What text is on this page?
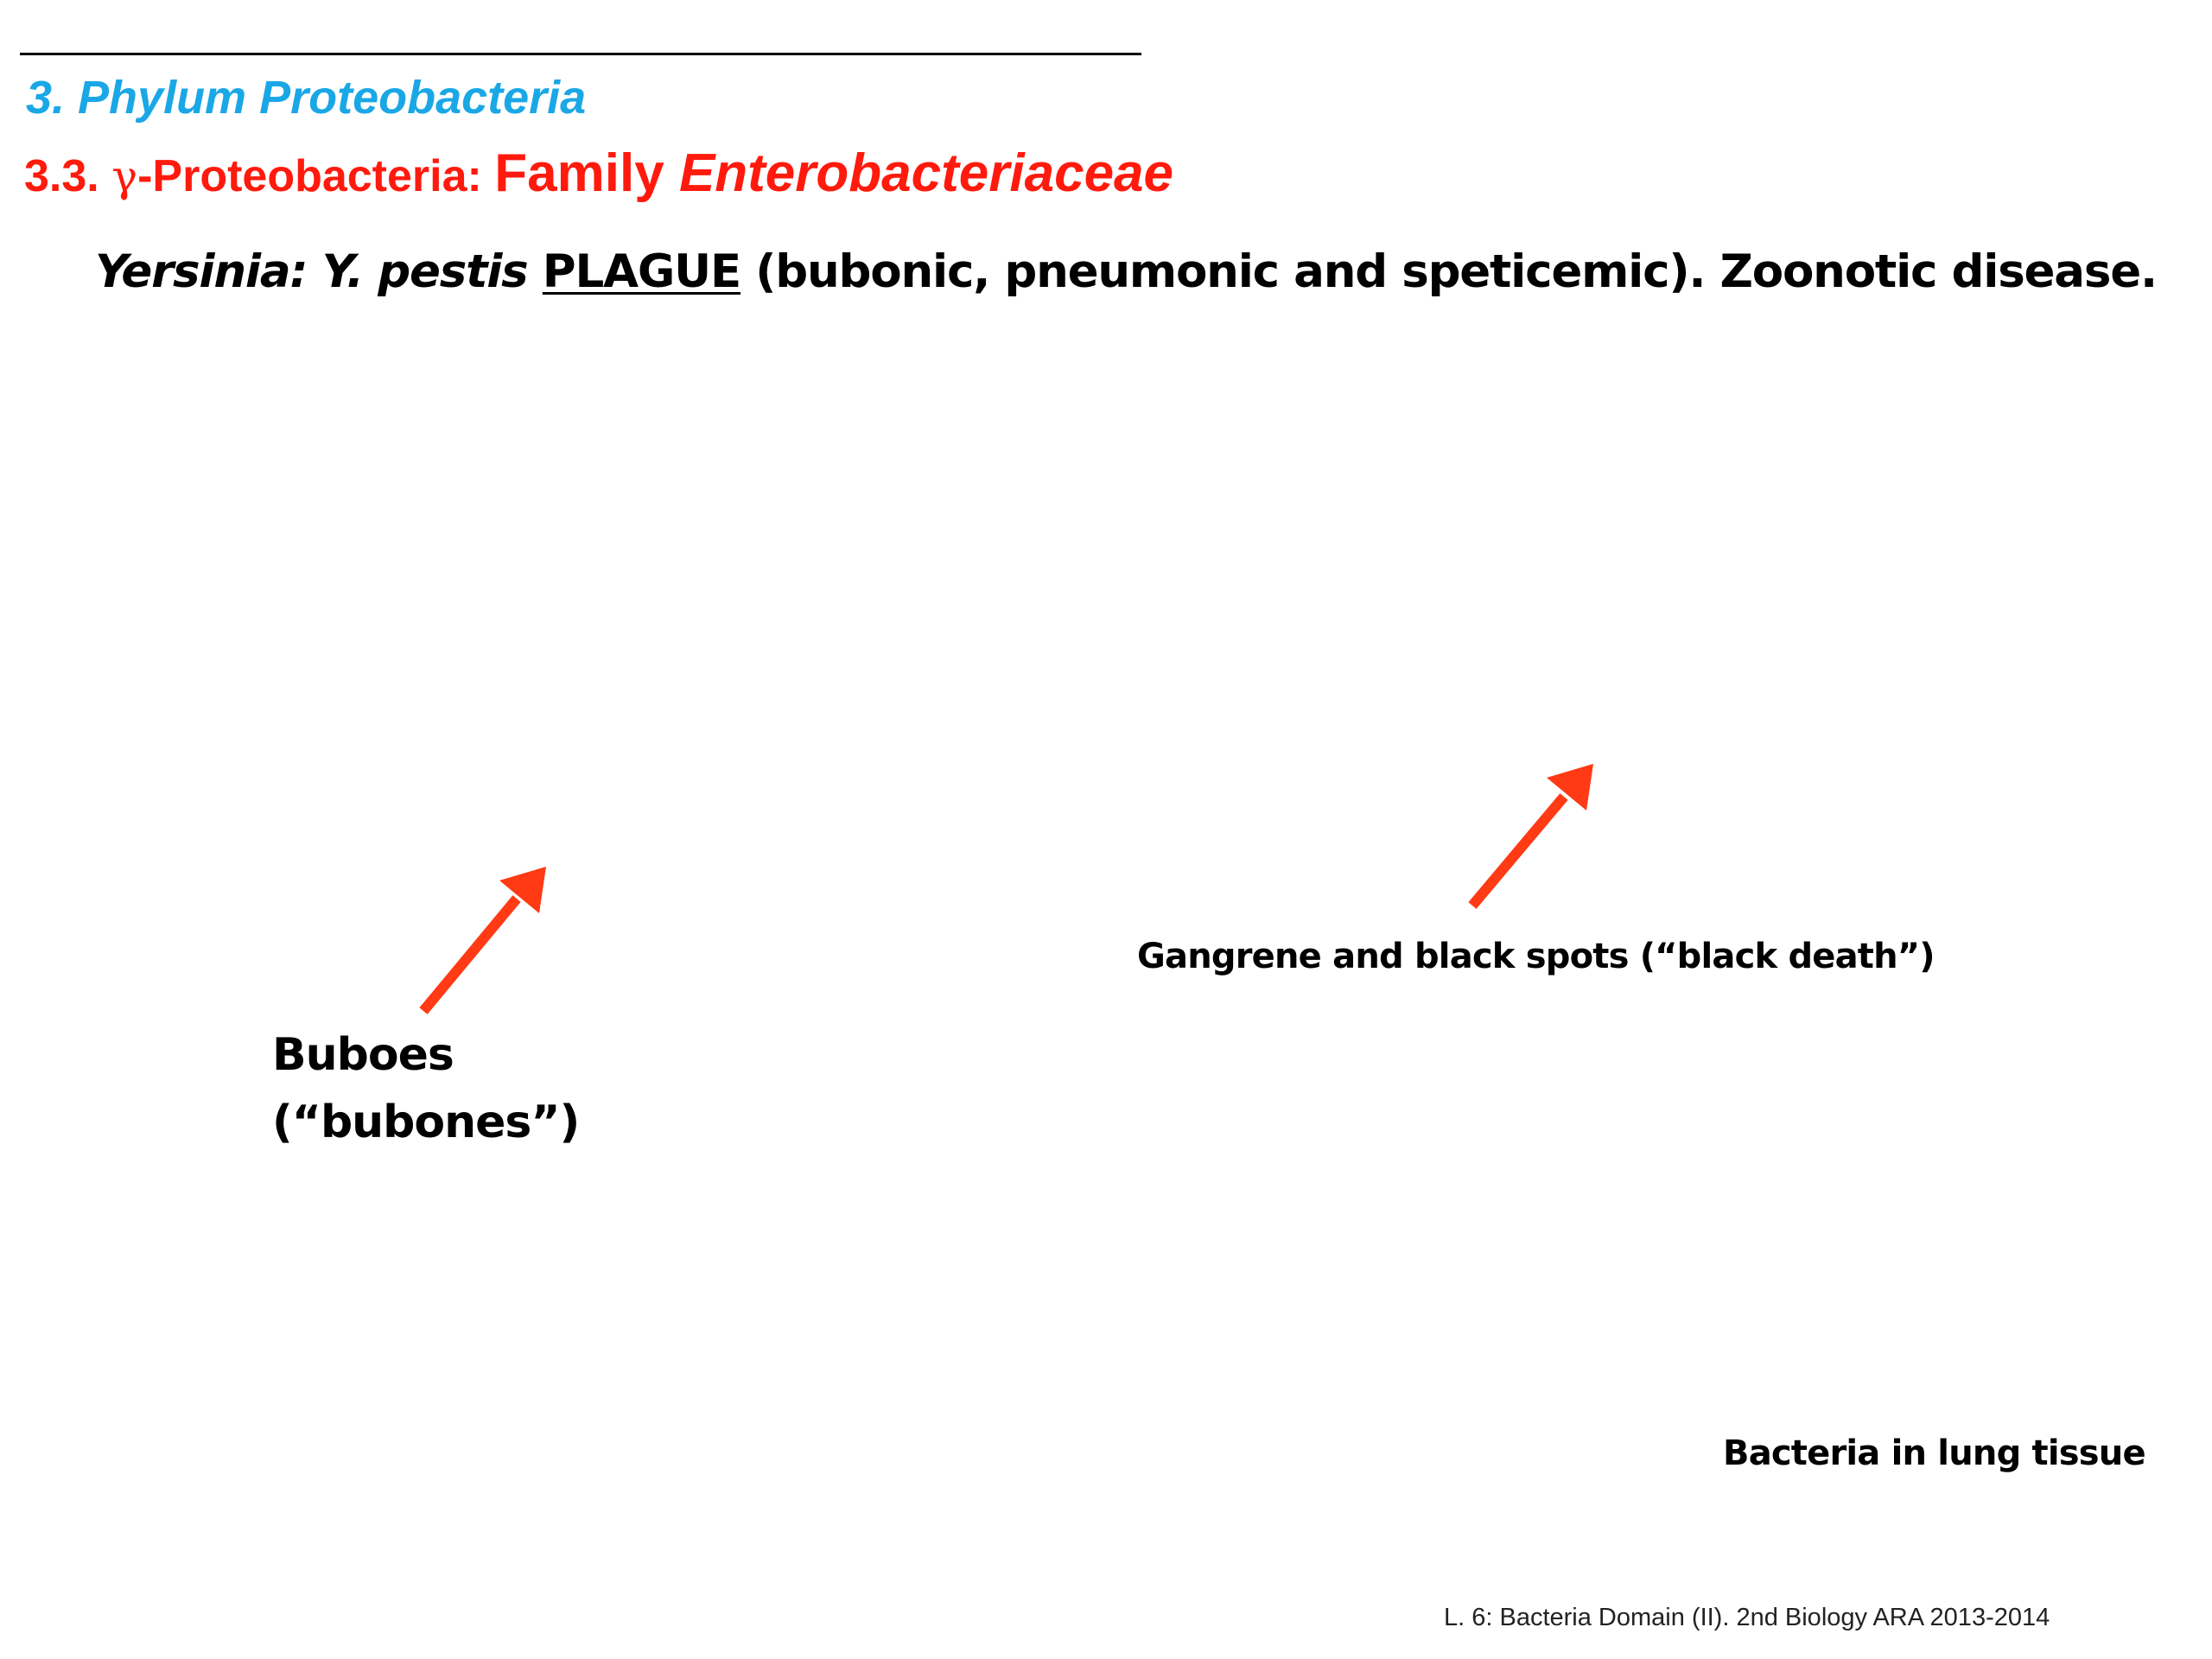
3. Phylum Proteobacteria
3.3. γ-Proteobacteria: Family Enterobacteriaceae
Yersinia: Y. pestis PLAGUE (bubonic, pneumonic and speticemic). Zoonotic disease.
Gangrene and black spots (“black death”)
Buboes
(“bubones”)
Bacteria in lung tissue
L. 6: Bacteria Domain (II). 2nd Biology ARA 2013-2014
